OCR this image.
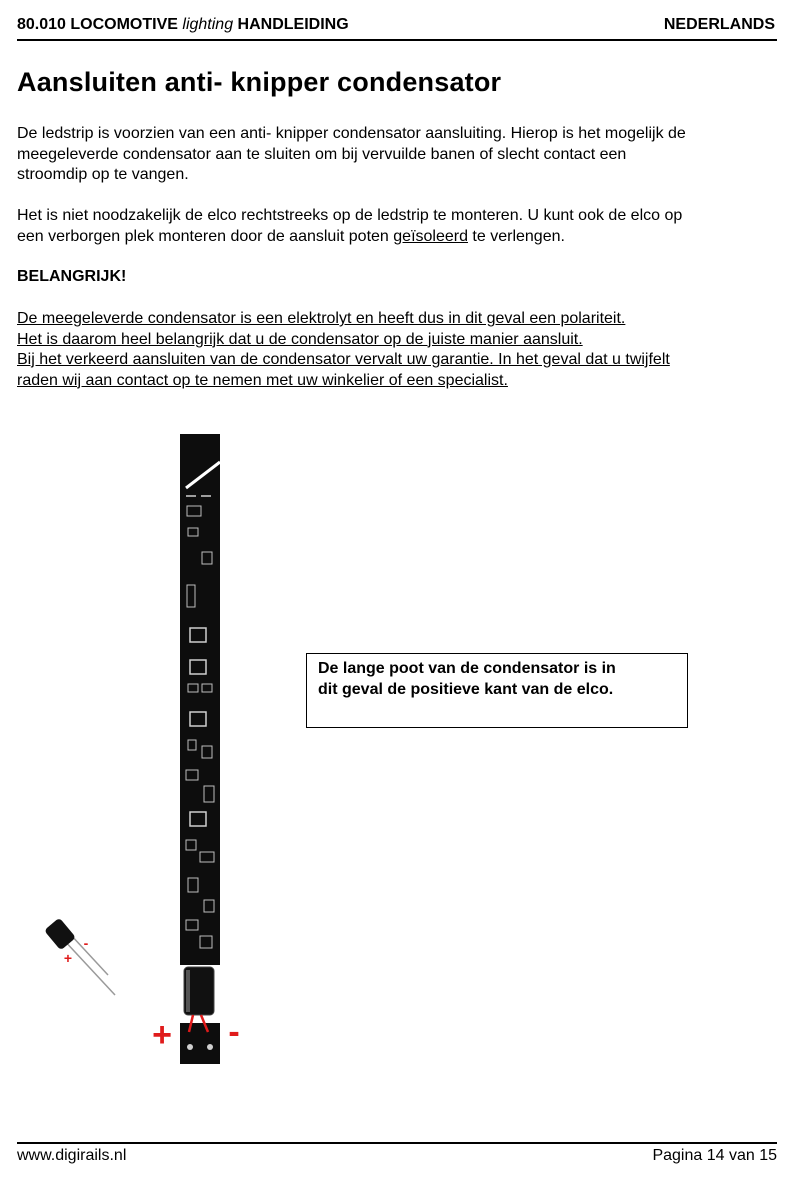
80.010 LOCOMOTIVE lighting HANDLEIDING	NEDERLANDS
Aansluiten anti- knipper condensator

De ledstrip is voorzien van een anti- knipper condensator aansluiting. Hierop is het mogelijk de
meegeleverde condensator aan te sluiten om bij vervuilde banen of slecht contact een
stroomdip op te vangen.

Het is niet noodzakelijk de elco rechtstreeks op de ledstrip te monteren. U kunt ook de elco op
een verborgen plek monteren door de aansluit poten geïsoleerd te verlengen.

BELANGRIJK!

De meegeleverde condensator is een elektrolyt en heeft dus in dit geval een polariteit.
Het is daarom heel belangrijk dat u de condensator op de juiste manier aansluit.
Bij het verkeerd aansluiten van de condensator vervalt uw garantie. In het geval dat u twijfelt
raden wij aan contact op te nemen met uw winkelier of een specialist.

+ -
+
-
De lange poot van de condensator is in
dit geval de positieve kant van de elco.
www.digirails.nl	Pagina 14 van 15
